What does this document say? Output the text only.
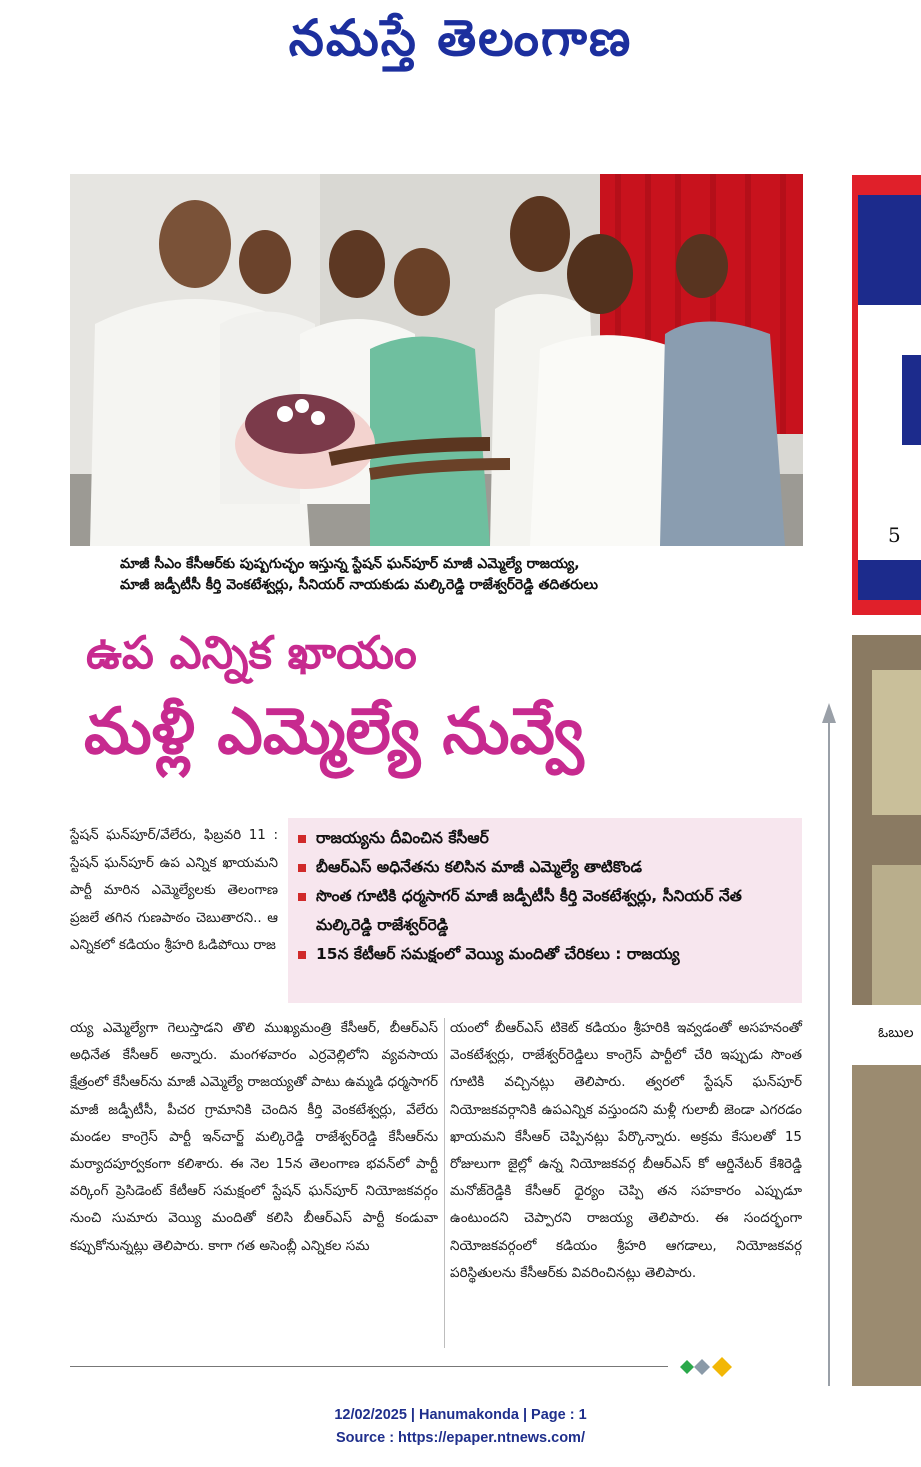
నమస్తే తెలంగాణ
మాజీ సీఎం కేసీఆర్‌కు పుష్పగుచ్ఛం ఇస్తున్న స్టేషన్ ఘన్‌పూర్ మాజీ ఎమ్మెల్యే రాజయ్య,
మాజీ జడ్పీటీసీ కీర్తి వెంకటేశ్వర్లు, సీనియర్ నాయకుడు మల్కిరెడ్డి రాజేశ్వర్‌రెడ్డి తదితరులు
ఉప ఎన్నిక ఖాయం
మళ్లీ ఎమ్మెల్యే నువ్వే
స్టేషన్ ఘన్‌పూర్/వేలేరు, ఫిబ్రవరి 11 : స్టేషన్ ఘన్‌పూర్ ఉప ఎన్నిక ఖాయమని పార్టీ మారిన ఎమ్మెల్యేలకు తెలంగాణ ప్రజలే తగిన గుణపాఠం చెబుతారని.. ఆ ఎన్నికలో కడియం శ్రీహరి ఓడిపోయి రాజ
రాజయ్యను దీవించిన కేసీఆర్
బీఆర్‌ఎస్ అధినేతను కలిసిన మాజీ ఎమ్మెల్యే తాటికొండ
సొంత గూటికి ధర్మసాగర్ మాజీ జడ్పీటీసీ కీర్తి వెంకటేశ్వర్లు, సీనియర్ నేత మల్కిరెడ్డి రాజేశ్వర్‌రెడ్డి
15న కేటీఆర్ సమక్షంలో వెయ్యి మందితో చేరికలు : రాజయ్య
య్య ఎమ్మెల్యేగా గెలుస్తాడని తొలి ముఖ్యమంత్రి కేసీఆర్, బీఆర్‌ఎస్ అధినేత కేసీఆర్ అన్నారు. మంగళవారం ఎర్రవెల్లిలోని వ్యవసాయ క్షేత్రంలో కేసీఆర్‌ను మాజీ ఎమ్మెల్యే రాజయ్యతో పాటు ఉమ్మడి ధర్మసాగర్ మాజీ జడ్పీటీసీ, పీచర గ్రామానికి చెందిన కీర్తి వెంకటేశ్వర్లు, వేలేరు మండల కాంగ్రెస్ పార్టీ ఇన్‌చార్జ్ మల్కిరెడ్డి రాజేశ్వర్‌రెడ్డి కేసీఆర్‌ను మర్యాదపూర్వకంగా కలిశారు. ఈ నెల 15న తెలంగాణ భవన్‌లో పార్టీ వర్కింగ్ ప్రెసిడెంట్ కేటీఆర్ సమక్షంలో స్టేషన్ ఘన్‌పూర్ నియోజకవర్గం నుంచి సుమారు వెయ్యి మందితో కలిసి బీఆర్‌ఎస్ పార్టీ కండువా కప్పుకోనున్నట్లు తెలిపారు. కాగా గత అసెంబ్లీ ఎన్నికల సమ
యంలో బీఆర్‌ఎస్ టికెట్ కడియం శ్రీహరికి ఇవ్వడంతో అసహనంతో వెంకటేశ్వర్లు, రాజేశ్వర్‌రెడ్డిలు కాంగ్రెస్ పార్టీలో చేరి ఇప్పుడు సొంత గూటికి వచ్చినట్లు తెలిపారు. త్వరలో స్టేషన్ ఘన్‌పూర్ నియోజకవర్గానికి ఉపఎన్నిక వస్తుందని మళ్లీ గులాబీ జెండా ఎగరడం ఖాయమని కేసీఆర్ చెప్పినట్లు పేర్కొన్నారు. అక్రమ కేసులతో 15 రోజులుగా జైల్లో ఉన్న నియోజకవర్గ బీఆర్‌ఎస్ కో ఆర్డినేటర్ కేశిరెడ్డి మనోజ్‌రెడ్డికి కేసీఆర్ ధైర్యం చెప్పి తన సహకారం ఎప్పుడూ ఉంటుందని చెప్పారని రాజయ్య తెలిపారు. ఈ సందర్భంగా నియోజకవర్గంలో కడియం శ్రీహరి ఆగడాలు, నియోజకవర్గ పరిస్థితులను కేసీఆర్‌కు వివరించినట్లు తెలిపారు.
5
ఓబుల
12/02/2025 | Hanumakonda | Page : 1
Source : https://epaper.ntnews.com/
